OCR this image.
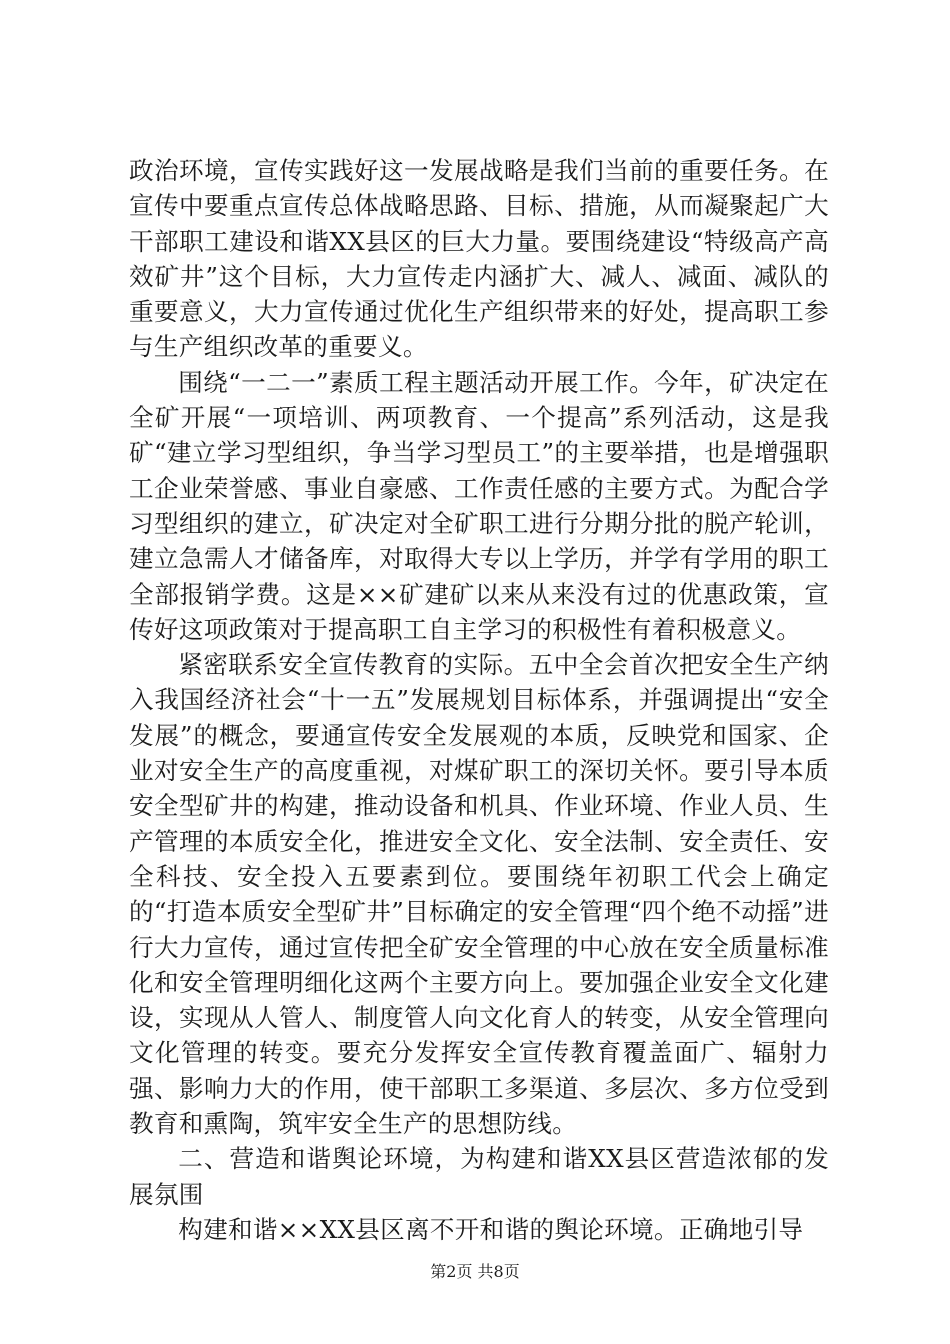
政治环境，宣传实践好这一发展战略是我们当前的重要任务。在宣传中要重点宣传总体战略思路、目标、措施，从而凝聚起广大干部职工建设和谐XX县区的巨大力量。要围绕建设“特级高产高效矿井”这个目标，大力宣传走内涵扩大、减人、减面、减队的重要意义，大力宣传通过优化生产组织带来的好处，提高职工参与生产组织改革的重要义。

围绕“一二一”素质工程主题活动开展工作。今年，矿决定在全矿开展“一项培训、两项教育、一个提高”系列活动，这是我矿“建立学习型组织，争当学习型员工”的主要举措，也是增强职工企业荣誉感、事业自豪感、工作责任感的主要方式。为配合学习型组织的建立，矿决定对全矿职工进行分期分批的脱产轮训，建立急需人才储备库，对取得大专以上学历，并学有学用的职工全部报销学费。这是××矿建矿以来从来没有过的优惠政策，宣传好这项政策对于提高职工自主学习的积极性有着积极意义。

紧密联系安全宣传教育的实际。五中全会首次把安全生产纳入我国经济社会“十一五”发展规划目标体系，并强调提出“安全发展”的概念，要通宣传安全发展观的本质，反映党和国家、企业对安全生产的高度重视，对煤矿职工的深切关怀。要引导本质安全型矿井的构建，推动设备和机具、作业环境、作业人员、生产管理的本质安全化，推进安全文化、安全法制、安全责任、安全科技、安全投入五要素到位。要围绕年初职工代会上确定的“打造本质安全型矿井”目标确定的安全管理“四个绝不动摇”进行大力宣传，通过宣传把全矿安全管理的中心放在安全质量标准化和安全管理明细化这两个主要方向上。要加强企业安全文化建设，实现从人管人、制度管人向文化育人的转变，从安全管理向文化管理的转变。要充分发挥安全宣传教育覆盖面广、辐射力强、影响力大的作用，使干部职工多渠道、多层次、多方位受到教育和熏陶，筑牢安全生产的思想防线。

二、营造和谐舆论环境，为构建和谐XX县区营造浓郁的发展氛围

构建和谐××XX县区离不开和谐的舆论环境。正确地引导

第2页 共8页
